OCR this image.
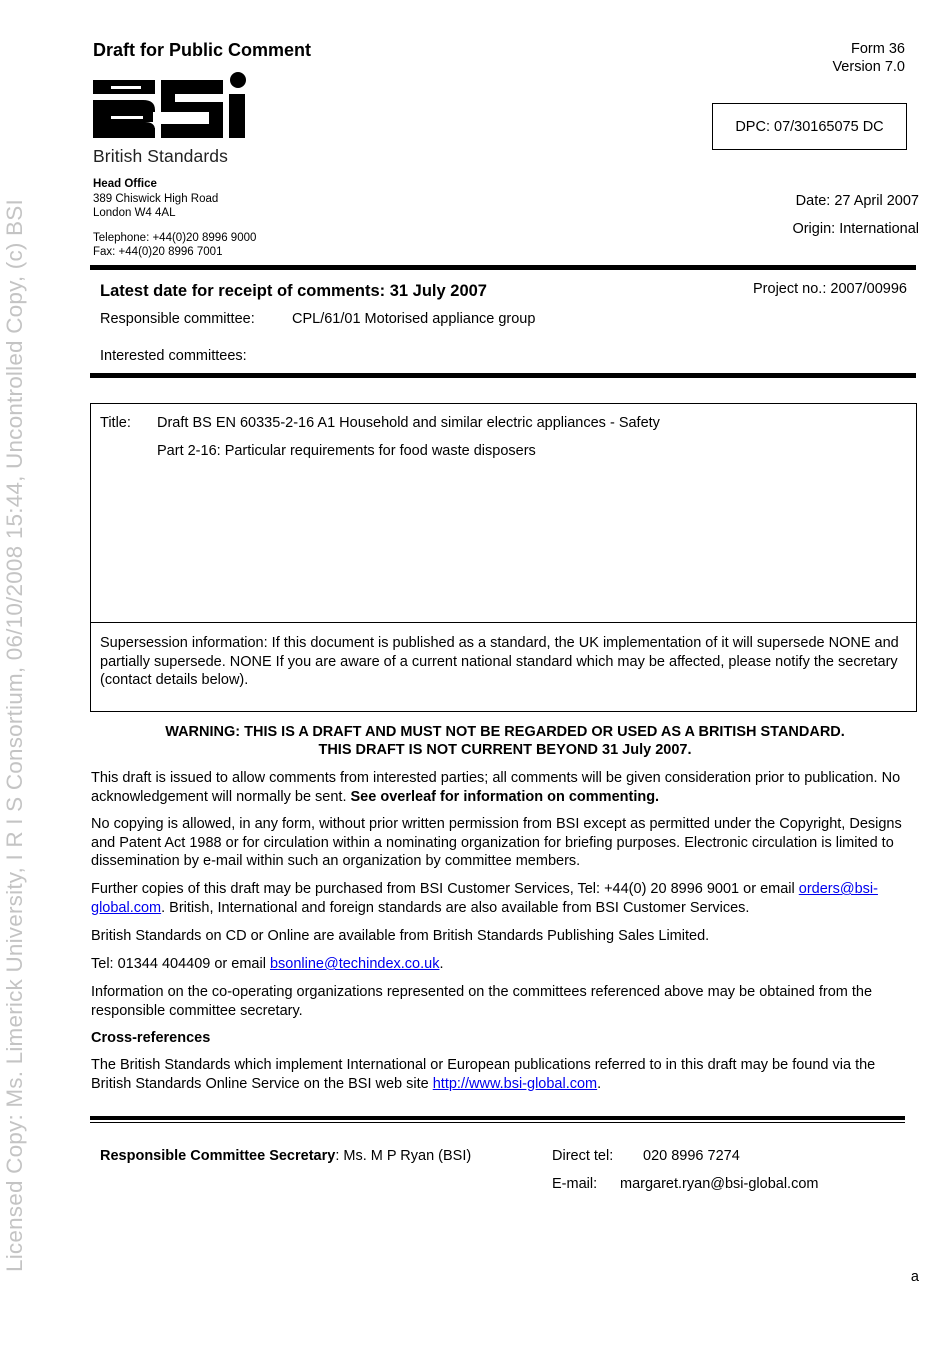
Licensed Copy: Ms. Limerick University, I R I S Consortium, 06/10/2008 15:44, Uncontrolled Copy, (c) BSI
Draft for Public Comment	Form 36
Version 7.0
British Standards
DPC: 07/30165075 DC
Head Office
389 Chiswick High Road
London W4 4AL
Telephone: +44(0)20 8996 9000
Fax: +44(0)20 8996 7001
Date: 27 April 2007
Origin: International
Latest date for receipt of comments: 31 July 2007	Project no.: 2007/00996
Responsible committee:	CPL/61/01 Motorised appliance group
Interested committees:
Title: Draft BS EN 60335-2-16 A1 Household and similar electric appliances - Safety
Part 2-16: Particular requirements for food waste disposers
Supersession information: If this document is published as a standard, the UK implementation of it will supersede NONE and partially supersede. NONE If you are aware of a current national standard which may be affected, please notify the secretary (contact details below).
WARNING: THIS IS A DRAFT AND MUST NOT BE REGARDED OR USED AS A BRITISH STANDARD.
THIS DRAFT IS NOT CURRENT BEYOND 31 July 2007.
This draft is issued to allow comments from interested parties; all comments will be given consideration prior to publication. No acknowledgement will normally be sent. See overleaf for information on commenting.
No copying is allowed, in any form, without prior written permission from BSI except as permitted under the Copyright, Designs and Patent Act 1988 or for circulation within a nominating organization for briefing purposes. Electronic circulation is limited to dissemination by e-mail within such an organization by committee members.
Further copies of this draft may be purchased from BSI Customer Services, Tel: +44(0) 20 8996 9001 or email orders@bsi-global.com. British, International and foreign standards are also available from BSI Customer Services.
British Standards on CD or Online are available from British Standards Publishing Sales Limited.
Tel: 01344 404409 or email bsonline@techindex.co.uk.
Information on the co-operating organizations represented on the committees referenced above may be obtained from the responsible committee secretary.
Cross-references
The British Standards which implement International or European publications referred to in this draft may be found via the British Standards Online Service on the BSI web site http://www.bsi-global.com.
Responsible Committee Secretary: Ms. M P Ryan (BSI)	Direct tel: 020 8996 7274
E-mail: margaret.ryan@bsi-global.com
a
